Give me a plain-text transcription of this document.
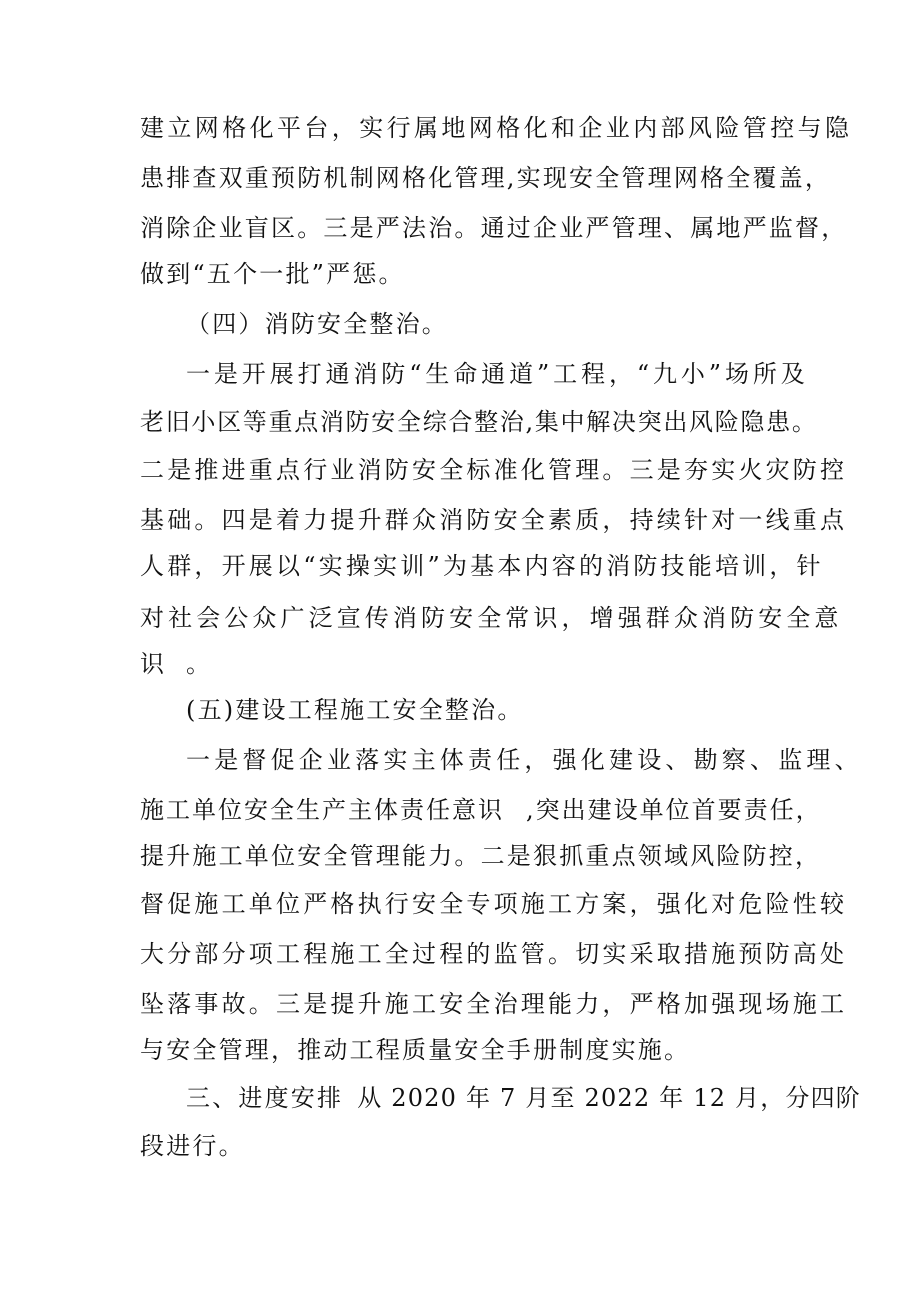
建立网格化平台，实行属地网格化和企业内部风险管控与隐
患排查双重预防机制网格化管理,实现安全管理网格全覆盖，
消除企业盲区。三是严法治。通过企业严管理、属地严监督，
做到“五个一批”严惩。
（四）消防安全整治。
一是开展打通消防“生命通道”工程，“九小”场所及
老旧小区等重点消防安全综合整治,集中解决突出风险隐患。
二是推进重点行业消防安全标准化管理。三是夯实火灾防控
基础。四是着力提升群众消防安全素质，持续针对一线重点
人群，开展以“实操实训”为基本内容的消防技能培训，针
对社会公众广泛宣传消防安全常识，增强群众消防安全意
识 。
(五)建设工程施工安全整治。
一是督促企业落实主体责任，强化建设、勘察、监理、
施工单位安全生产主体责任意识 ,突出建设单位首要责任，
提升施工单位安全管理能力。二是狠抓重点领域风险防控，
督促施工单位严格执行安全专项施工方案，强化对危险性较
大分部分项工程施工全过程的监管。切实采取措施预防高处
坠落事故。三是提升施工安全治理能力，严格加强现场施工
与安全管理，推动工程质量安全手册制度实施。
三、进度安排 从 2020 年 7 月至 2022 年 12 月，分四阶
段进行。
